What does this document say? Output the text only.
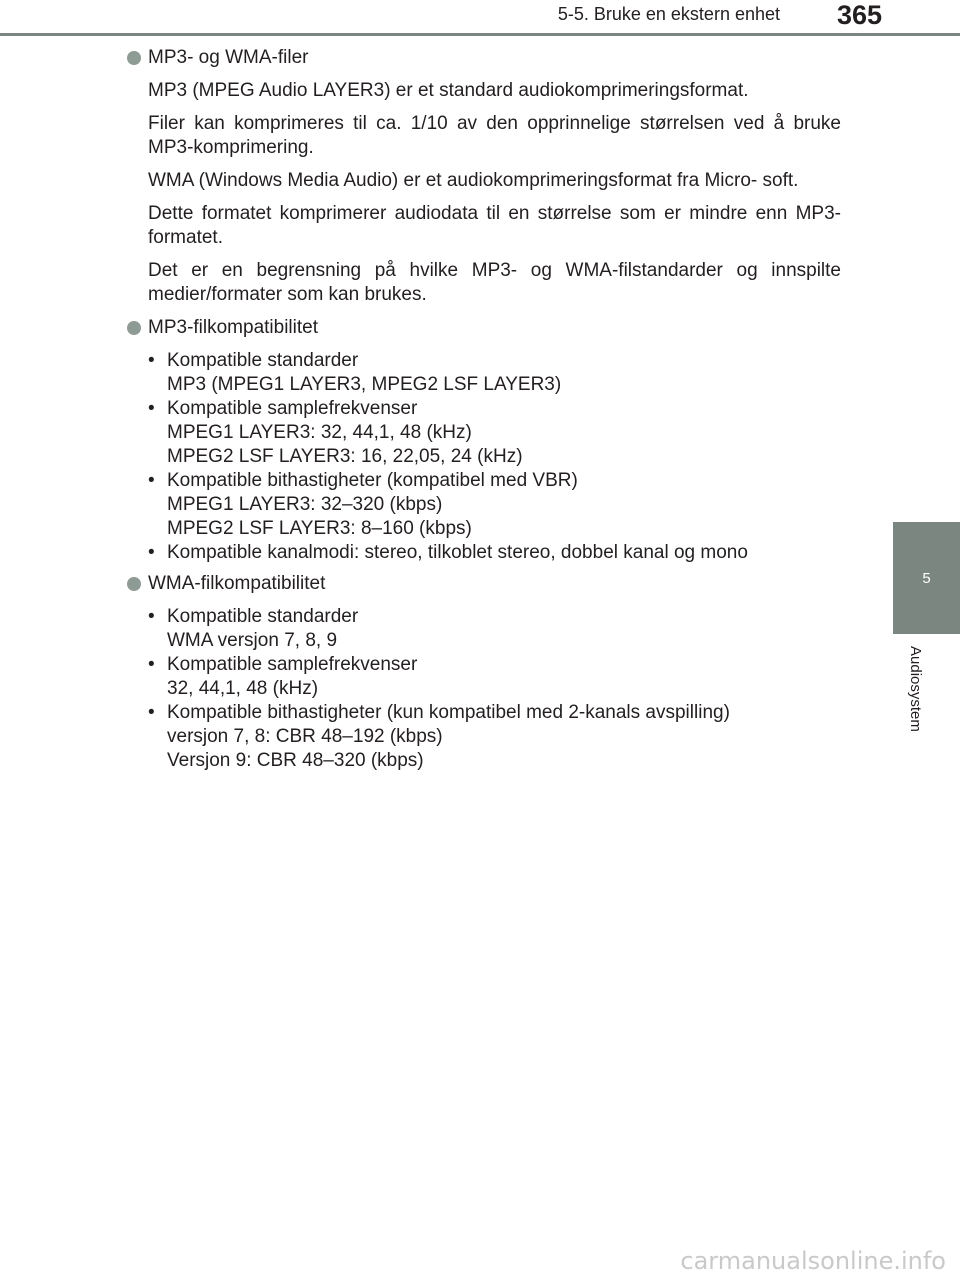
5-5. Bruke en ekstern enhet 365
5
Audiosystem
MP3- og WMA-filer
MP3 (MPEG Audio LAYER3) er et standard audiokomprimeringsformat.
Filer kan komprimeres til ca. 1/10 av den opprinnelige størrelsen ved å bruke MP3-komprimering.
WMA (Windows Media Audio) er et audiokomprimeringsformat fra Micro- soft.
Dette formatet komprimerer audiodata til en størrelse som er mindre enn MP3-formatet.
Det er en begrensning på hvilke MP3- og WMA-filstandarder og innspilte medier/formater som kan brukes.
MP3-filkompatibilitet
• Kompatible standarder
MP3 (MPEG1 LAYER3, MPEG2 LSF LAYER3)
• Kompatible samplefrekvenser
MPEG1 LAYER3: 32, 44,1, 48 (kHz)
MPEG2 LSF LAYER3: 16, 22,05, 24 (kHz)
• Kompatible bithastigheter (kompatibel med VBR)
MPEG1 LAYER3: 32–320 (kbps)
MPEG2 LSF LAYER3: 8–160 (kbps)
• Kompatible kanalmodi: stereo, tilkoblet stereo, dobbel kanal og mono
WMA-filkompatibilitet
• Kompatible standarder
WMA versjon 7, 8, 9
• Kompatible samplefrekvenser
32, 44,1, 48 (kHz)
• Kompatible bithastigheter (kun kompatibel med 2-kanals avspilling)
versjon 7, 8: CBR 48–192 (kbps)
Versjon 9: CBR 48–320 (kbps)
carmanualsonline.info
